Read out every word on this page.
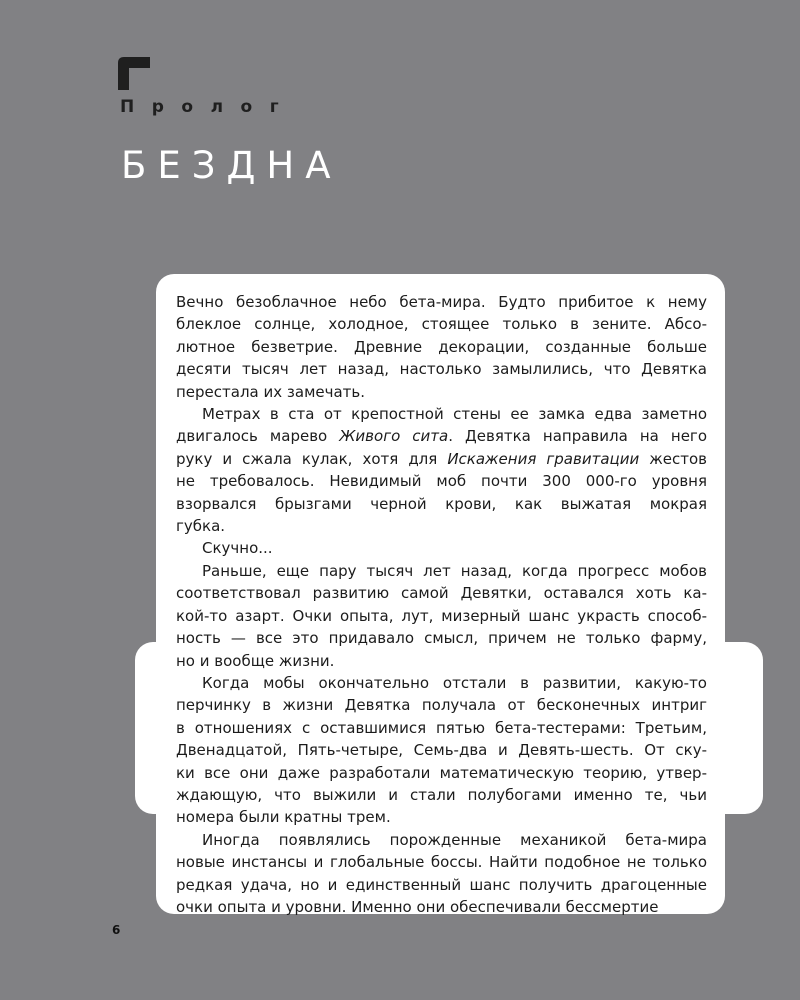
Пролог
БЕЗДНА

Вечно безоблачное небо бета-мира. Будто прибитое к нему
блеклое солнце, холодное, стоящее только в зените. Абсо-
лютное безветрие. Древние декорации, созданные больше
десяти тысяч лет назад, настолько замылились, что Девятка
перестала их замечать.

Метрах в ста от крепостной стены ее замка едва заметно
двигалось марево Живого сита. Девятка направила на него
руку и сжала кулак, хотя для Искажения гравитации жестов
не требовалось. Невидимый моб почти 300 000-го уровня
взорвался брызгами черной крови, как выжатая мокрая
губка.

Скучно...

Раньше, еще пару тысяч лет назад, когда прогресс мобов
соответствовал развитию самой Девятки, оставался хоть ка-
кой-то азарт. Очки опыта, лут, мизерный шанс украсть способ-
ность — все это придавало смысл, причем не только фарму,
но и вообще жизни.

Когда мобы окончательно отстали в развитии, какую-то
перчинку в жизни Девятка получала от бесконечных интриг
в отношениях с оставшимися пятью бета-тестерами: Третьим,
Двенадцатой, Пять-четыре, Семь-два и Девять-шесть. От ску-
ки все они даже разработали математическую теорию, утвер-
ждающую, что выжили и стали полубогами именно те, чьи
номера были кратны трем.

Иногда появлялись порожденные механикой бета-мира
новые инстансы и глобальные боссы. Найти подобное не только
редкая удача, но и единственный шанс получить драгоценные
очки опыта и уровни. Именно они обеспечивали бессмертие

6
